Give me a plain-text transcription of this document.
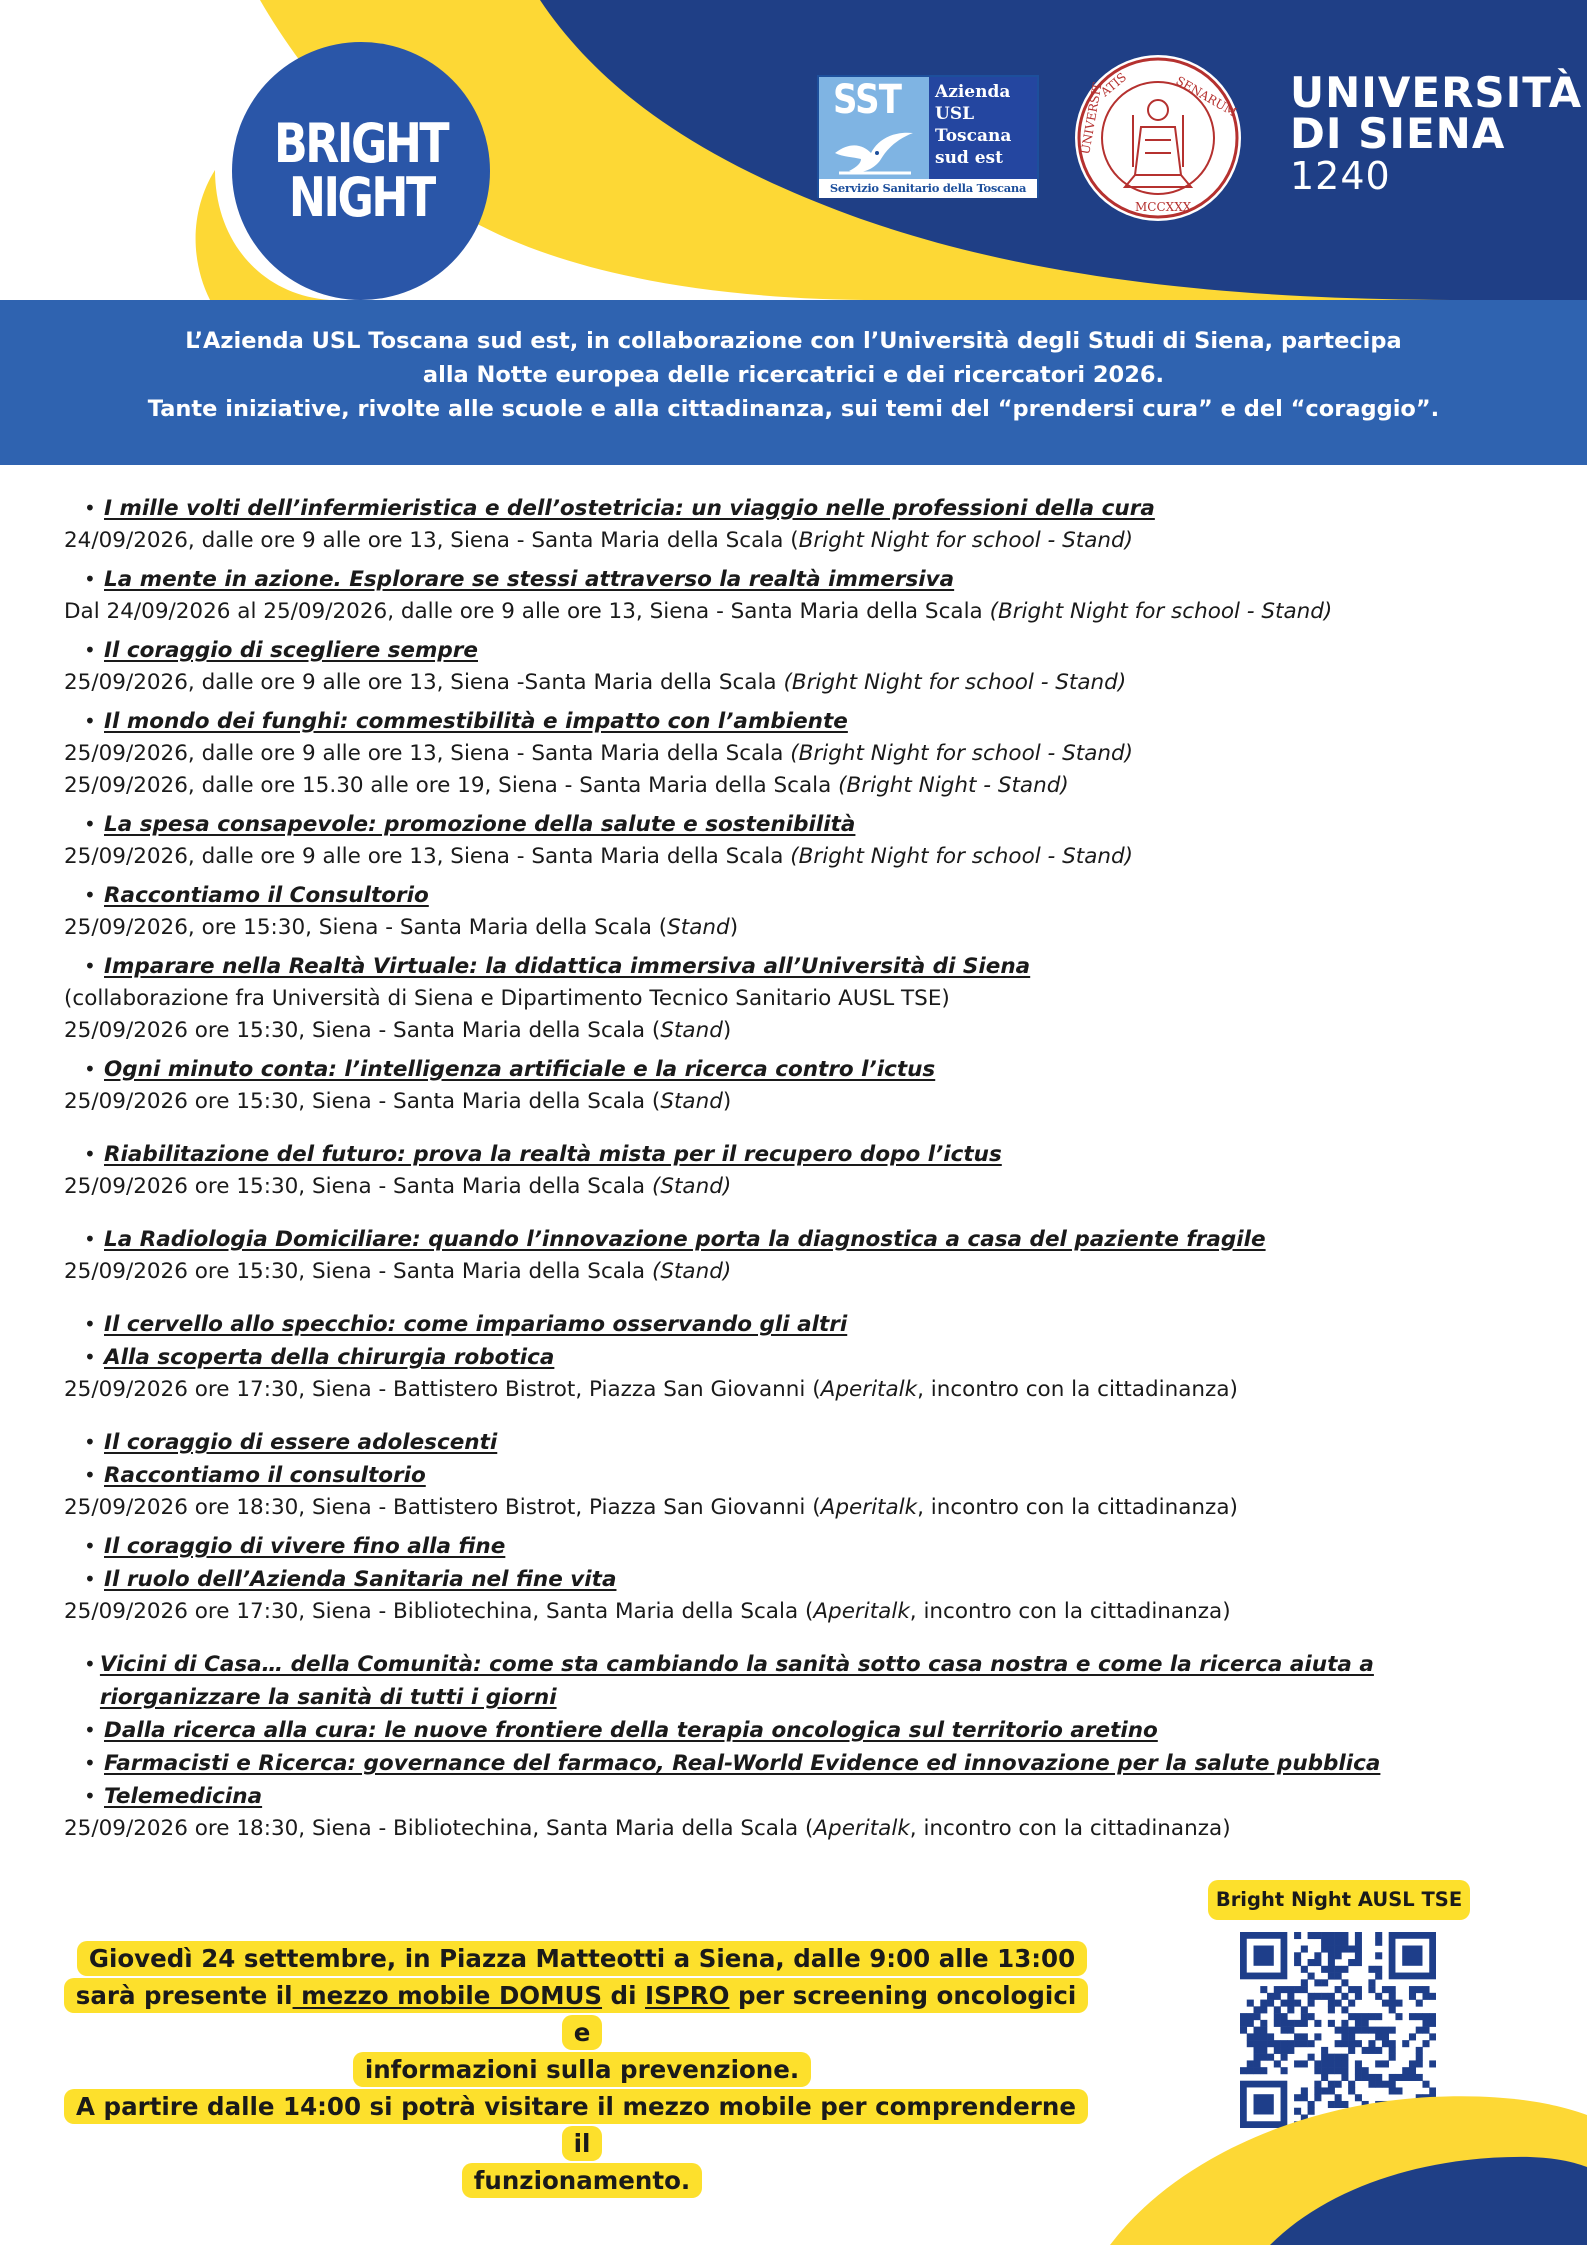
BRIGHT
NIGHT
SST Azienda
USL
Toscana
sud est
Servizio Sanitario della Toscana
ATIS	SENARUM
UNIVERSIT
MCCXXX
UNIVERSITÀ
DI SIENA
1240

L’Azienda USL Toscana sud est, in collaborazione con l’Università degli Studi di Siena, partecipa

alla Notte europea delle ricercatrici e dei ricercatori 2026.

Tante iniziative, rivolte alle scuole e alla cittadinanza, sui temi del “prendersi cura” e del “coraggio”.

• I mille volti dell’infermieristica e dell’ostetricia: un viaggio nelle professioni della cura
24/09/2026, dalle ore 9 alle ore 13, Siena - Santa Maria della Scala (Bright Night for school - Stand)
• La mente in azione. Esplorare se stessi attraverso la realtà immersiva
Dal 24/09/2026 al 25/09/2026, dalle ore 9 alle ore 13, Siena - Santa Maria della Scala (Bright Night for school - Stand)
• Il coraggio di scegliere sempre
25/09/2026, dalle ore 9 alle ore 13, Siena -Santa Maria della Scala (Bright Night for school - Stand)
• Il mondo dei funghi: commestibilità e impatto con l’ambiente
25/09/2026, dalle ore 9 alle ore 13, Siena - Santa Maria della Scala (Bright Night for school - Stand)
25/09/2026, dalle ore 15.30 alle ore 19, Siena - Santa Maria della Scala (Bright Night - Stand)
• La spesa consapevole: promozione della salute e sostenibilità
25/09/2026, dalle ore 9 alle ore 13, Siena - Santa Maria della Scala (Bright Night for school - Stand)
• Raccontiamo il Consultorio
25/09/2026, ore 15:30, Siena - Santa Maria della Scala (Stand)
• Imparare nella Realtà Virtuale: la didattica immersiva all’Università di Siena
(collaborazione fra Università di Siena e Dipartimento Tecnico Sanitario AUSL TSE)
25/09/2026 ore 15:30, Siena - Santa Maria della Scala (Stand)
• Ogni minuto conta: l’intelligenza artificiale e la ricerca contro l’ictus
25/09/2026 ore 15:30, Siena - Santa Maria della Scala (Stand)
• Riabilitazione del futuro: prova la realtà mista per il recupero dopo l’ictus
25/09/2026 ore 15:30, Siena - Santa Maria della Scala (Stand)
• La Radiologia Domiciliare: quando l’innovazione porta la diagnostica a casa del paziente fragile
25/09/2026 ore 15:30, Siena - Santa Maria della Scala (Stand)
• Il cervello allo specchio: come impariamo osservando gli altri
• Alla scoperta della chirurgia robotica
25/09/2026 ore 17:30, Siena - Battistero Bistrot, Piazza San Giovanni (Aperitalk, incontro con la cittadinanza)
• Il coraggio di essere adolescenti
• Raccontiamo il consultorio
25/09/2026 ore 18:30, Siena - Battistero Bistrot, Piazza San Giovanni (Aperitalk, incontro con la cittadinanza)
• Il coraggio di vivere fino alla fine
• Il ruolo dell’Azienda Sanitaria nel fine vita
25/09/2026 ore 17:30, Siena - Bibliotechina, Santa Maria della Scala (Aperitalk, incontro con la cittadinanza)
• Vicini di Casa… della Comunità: come sta cambiando la sanità sotto casa nostra e come la ricerca aiuta a riorganizzare la sanità di tutti i giorni
• Dalla ricerca alla cura: le nuove frontiere della terapia oncologica sul territorio aretino
• Farmacisti e Ricerca: governance del farmaco, Real-World Evidence ed innovazione per la salute pubblica
• Telemedicina
25/09/2026 ore 18:30, Siena - Bibliotechina, Santa Maria della Scala (Aperitalk, incontro con la cittadinanza)
Bright Night AUSL TSE
Giovedì 24 settembre, in Piazza Matteotti a Siena, dalle 9:00 alle 13:00
sarà presente il mezzo mobile DOMUS di ISPRO per screening oncologici e
informazioni sulla prevenzione.
A partire dalle 14:00 si potrà visitare il mezzo mobile per comprenderne il
funzionamento.
